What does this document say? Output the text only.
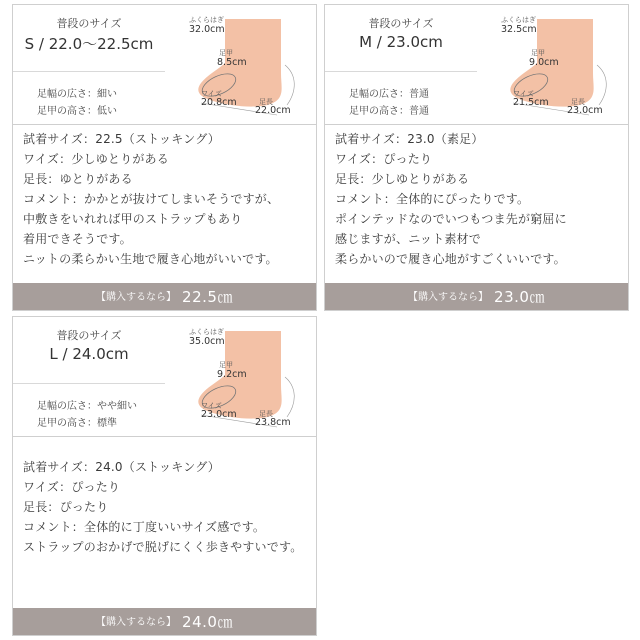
普段のサイズ
S / 22.0〜22.5cm
足幅の広さ：細い
足甲の高さ：低い
ふくらはぎ
32.0cm
足甲
8.5cm
ワイズ
20.8cm	足長
22.0cm
試着サイズ：22.5（ストッキング）
ワイズ：少しゆとりがある
足長：ゆとりがある
コメント：かかとが抜けてしまいそうですが、
中敷きをいれれば甲のストラップもあり
着用できそうです。
ニットの柔らかい生地で履き心地がいいです。
【購入するなら】 22.5㎝
普段のサイズ
M / 23.0cm
足幅の広さ：普通
足甲の高さ：普通
ふくらはぎ
32.5cm
足甲
9.0cm
ワイズ
21.5cm	足長
23.0cm
試着サイズ：23.0（素足）
ワイズ：ぴったり
足長：少しゆとりがある
コメント：全体的にぴったりです。
ポインテッドなのでいつもつま先が窮屈に
感じますが、ニット素材で
柔らかいので履き心地がすごくいいです。
【購入するなら】 23.0㎝
普段のサイズ
L / 24.0cm
足幅の広さ：やや細い
足甲の高さ：標準
ふくらはぎ
35.0cm
足甲
9.2cm
ワイズ
23.0cm	足長
23.8cm
試着サイズ：24.0（ストッキング）
ワイズ：ぴったり
足長：ぴったり
コメント：全体的に丁度いいサイズ感です。
ストラップのおかげで脱げにくく歩きやすいです。
【購入するなら】 24.0㎝
